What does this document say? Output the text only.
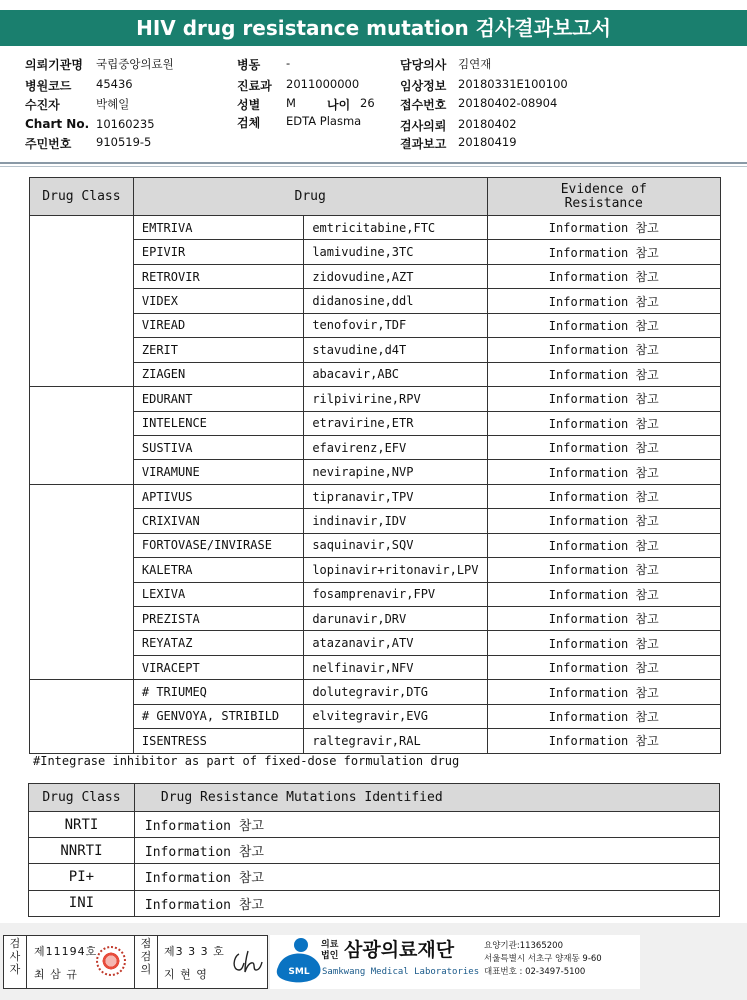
HIV drug resistance mutation 검사결과보고서
의뢰기관명 국립중앙의료원
병원코드 45436
수진자	박혜일
Chart No. 10160235
주민번호 910519-5
병동 -
진료과 2011000000
성별 M	나이 26
검체 EDTA Plasma
담당의사 김연재
임상정보 20180331E100100
접수번호 20180402-08904
검사의뢰 20180402
결과보고 20180419
Drug Class	Drug		Evidence of
Resistance
	EMTRIVA	emtricitabine,FTC	Information 참고
	EPIVIR	lamivudine,3TC	Information 참고
	RETROVIR	zidovudine,AZT	Information 참고
	VIDEX	didanosine,ddl	Information 참고
	VIREAD	tenofovir,TDF	Information 참고
	ZERIT	stavudine,d4T	Information 참고
	ZIAGEN	abacavir,ABC	Information 참고
	EDURANT	rilpivirine,RPV	Information 참고
	INTELENCE	etravirine,ETR	Information 참고
	SUSTIVA	efavirenz,EFV	Information 참고
	VIRAMUNE	nevirapine,NVP	Information 참고
	APTIVUS	tipranavir,TPV	Information 참고
	CRIXIVAN	indinavir,IDV	Information 참고
	FORTOVASE/INVIRASE	saquinavir,SQV	Information 참고
	KALETRA	lopinavir+ritonavir,LPV	Information 참고
	LEXIVA	fosamprenavir,FPV	Information 참고
	PREZISTA	darunavir,DRV	Information 참고
	REYATAZ	atazanavir,ATV	Information 참고
	VIRACEPT	nelfinavir,NFV	Information 참고
	# TRIUMEQ	dolutegravir,DTG	Information 참고
	# GENVOYA, STRIBILD	elvitegravir,EVG	Information 참고
	ISENTRESS	raltegravir,RAL	Information 참고
#Integrase inhibitor as part of fixed-dose formulation drug
Drug Class	Drug Resistance Mutations Identified
NRTI	Information 참고
NNRTI	Information 참고
PI+	Information 참고
INI	Information 참고
검
사
자
제11194호
최 삼 규
점
검
의
제3 3 3 호
지 현 영	SML
의료
법인 삼광의료재단
Samkwang Medical Laboratories
요양기관:11365200
서울특별시 서초구 양재동 9-60
대표번호 : 02-3497-5100
